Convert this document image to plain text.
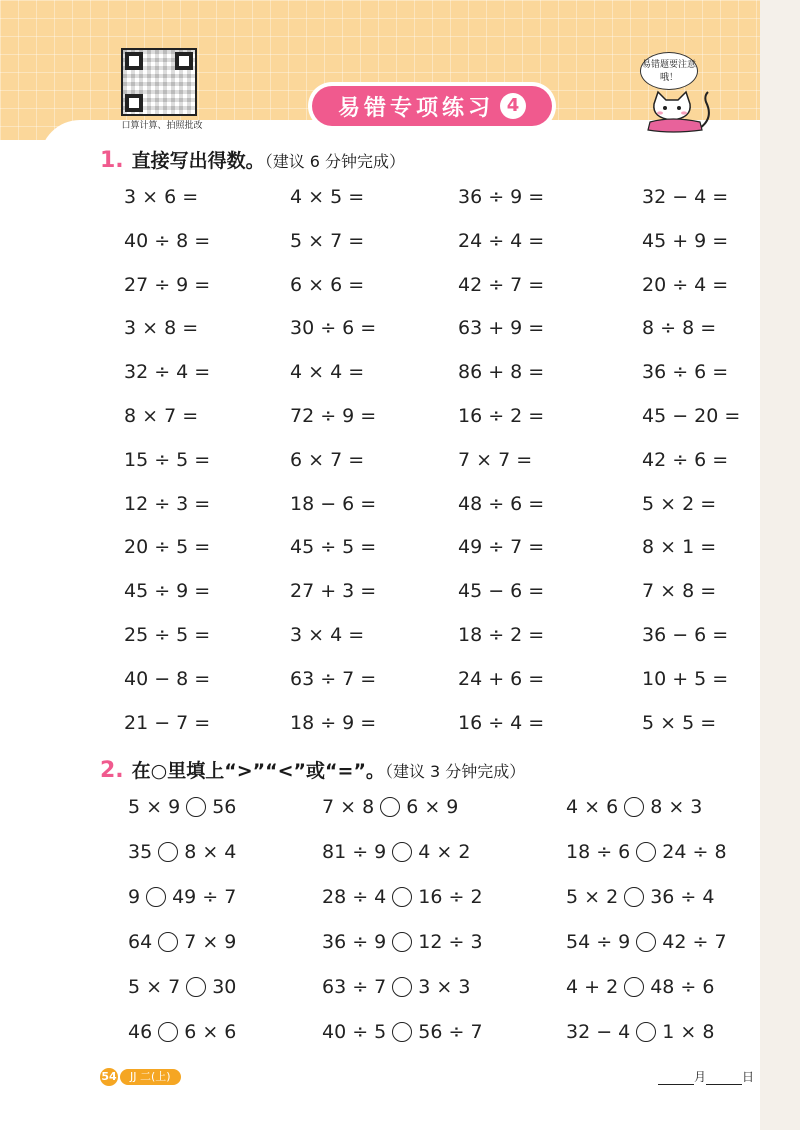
口算计算、拍照批改
易错专项练习 4
易错题要注意哦！
1. 直接写出得数。（建议 6 分钟完成）
3 × 6 =	4 × 5 =	36 ÷ 9 =	32 − 4 =
40 ÷ 8 =	5 × 7 =	24 ÷ 4 =	45 + 9 =
27 ÷ 9 =	6 × 6 =	42 ÷ 7 =	20 ÷ 4 =
3 × 8 =	30 ÷ 6 =	63 + 9 =	8 ÷ 8 =
32 ÷ 4 =	4 × 4 =	86 + 8 =	36 ÷ 6 =
8 × 7 =	72 ÷ 9 =	16 ÷ 2 =	45 − 20 =
15 ÷ 5 =	6 × 7 =	7 × 7 =	42 ÷ 6 =
12 ÷ 3 =	18 − 6 =	48 ÷ 6 =	5 × 2 =
20 ÷ 5 =	45 ÷ 5 =	49 ÷ 7 =	8 × 1 =
45 ÷ 9 =	27 + 3 =	45 − 6 =	7 × 8 =
25 ÷ 5 =	3 × 4 =	18 ÷ 2 =	36 − 6 =
40 − 8 =	63 ÷ 7 =	24 + 6 =	10 + 5 =
21 − 7 =	18 ÷ 9 =	16 ÷ 4 =	5 × 5 =
2. 在○里填上“>”“<”或“=”。（建议 3 分钟完成）
5 × 9 56	7 × 8 6 × 9	4 × 6 8 × 3
35 8 × 4	81 ÷ 9 4 × 2	18 ÷ 6 24 ÷ 8
9 49 ÷ 7	28 ÷ 4 16 ÷ 2	5 × 2 36 ÷ 4
64 7 × 9	36 ÷ 9 12 ÷ 3	54 ÷ 9 42 ÷ 7
5 × 7 30	63 ÷ 7 3 × 3	4 + 2 48 ÷ 6
46 6 × 6	40 ÷ 5 56 ÷ 7	32 − 4 1 × 8
54	JJ 二(上)	月	日
